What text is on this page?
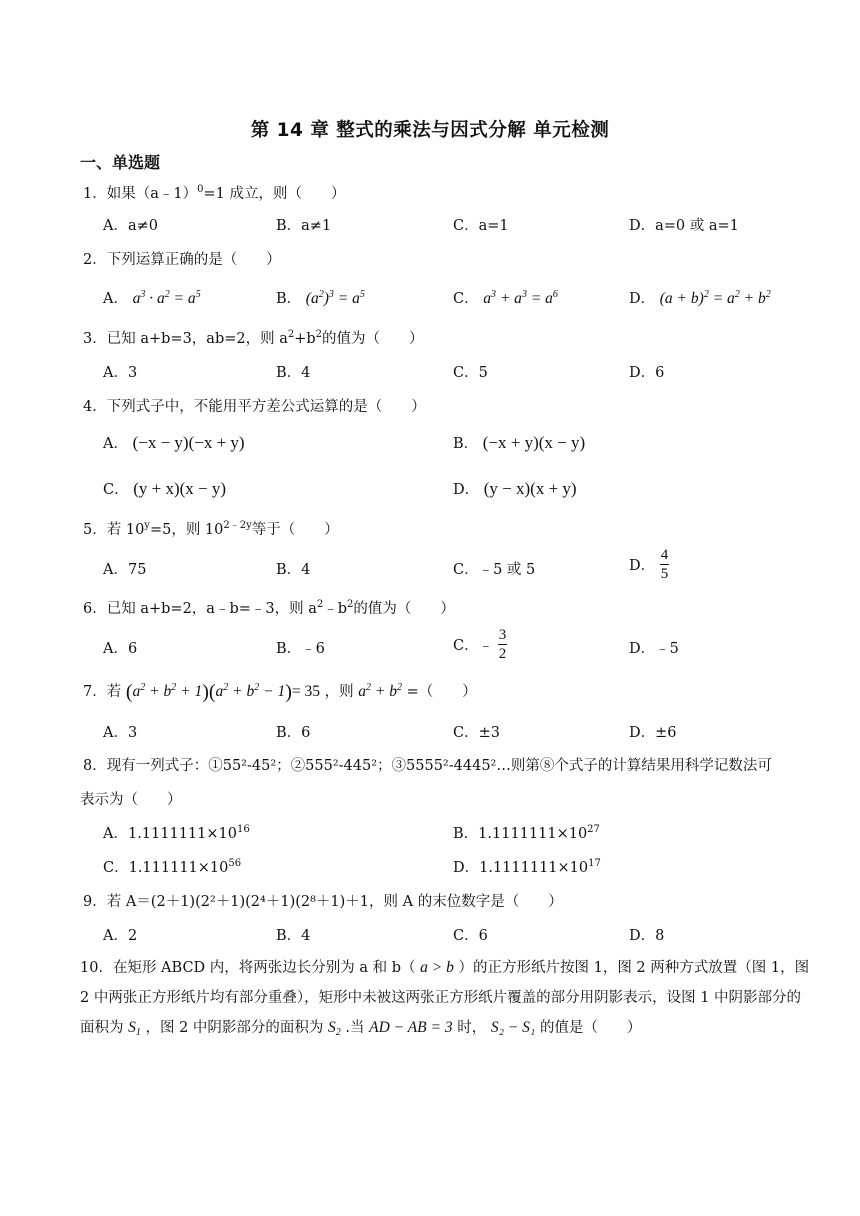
第 14 章 整式的乘法与因式分解 单元检测
一、单选题
1．如果（a﹣1）$^0$=1 成立，则（　　）
A．a≠0	B．a≠1	C．a=1	D．a=0 或 a=1
2．下列运算正确的是（　　）
A． $a^3 \cdot a^2 = a^5$	B． $(a^2)^3 = a^5$	C． $a^3 + a^3 = a^6$	D． $(a + b)^2 = a^2 + b^2$
3．已知 a+b=3，ab=2，则 $a^2+b^2$的值为（　　）
A．3	B．4	C．5	D．6
4．下列式子中，不能用平方差公式运算的是（　　）
A． (−x − y)(−x + y)	B． (−x + y)(x − y)
C． (y + x)(x − y)	D． (y − x)(x + y)
5．若 $10^y=5$，则 $10^{2﹣2y}$等于（　　）
A．75	B．4	C．﹣5 或 5	D． $\frac{4}{5}$
6．已知 a+b=2，a﹣b=﹣3，则 $a^2﹣b^2$的值为（　　）
A．6	B．﹣6	C．﹣ $\frac{3}{2}$	D．﹣5
7．若 $(a^2 + b^2 + 1)(a^2 + b^2 - 1)= 35$ ，则 $a^2 + b^2$ =（　　）
A．3	B．6	C．±3	D．±6
8．现有一列式子：①55²-45²；②555²-445²；③5555²-4445²…则第⑧个式子的计算结果用科学记数法可
表示为（　　）
A．$1.1111111\times 10^{16}$	B．$1.1111111\times 10^{27}$
C．$1.111111\times 10^{56}$	D．$1.1111111\times 10^{17}$
9．若 A＝(2＋1)(2²＋1)(2⁴＋1)(2⁸＋1)＋1，则 A 的末位数字是（　　）
A．2	B．4	C．6	D．8
10．在矩形 ABCD 内，将两张边长分别为 a 和 b（ a > b ）的正方形纸片按图 1，图 2 两种方式放置（图 1，图 2 中两张正方形纸片均有部分重叠），矩形中未被这两张正方形纸片覆盖的部分用阴影表示，设图 1 中阴影部分的面积为 $S_1$ ，图 2 中阴影部分的面积为 $S_2$ .当 AD − AB = 3 时， S₂ − S₁ 的值是（　　）
